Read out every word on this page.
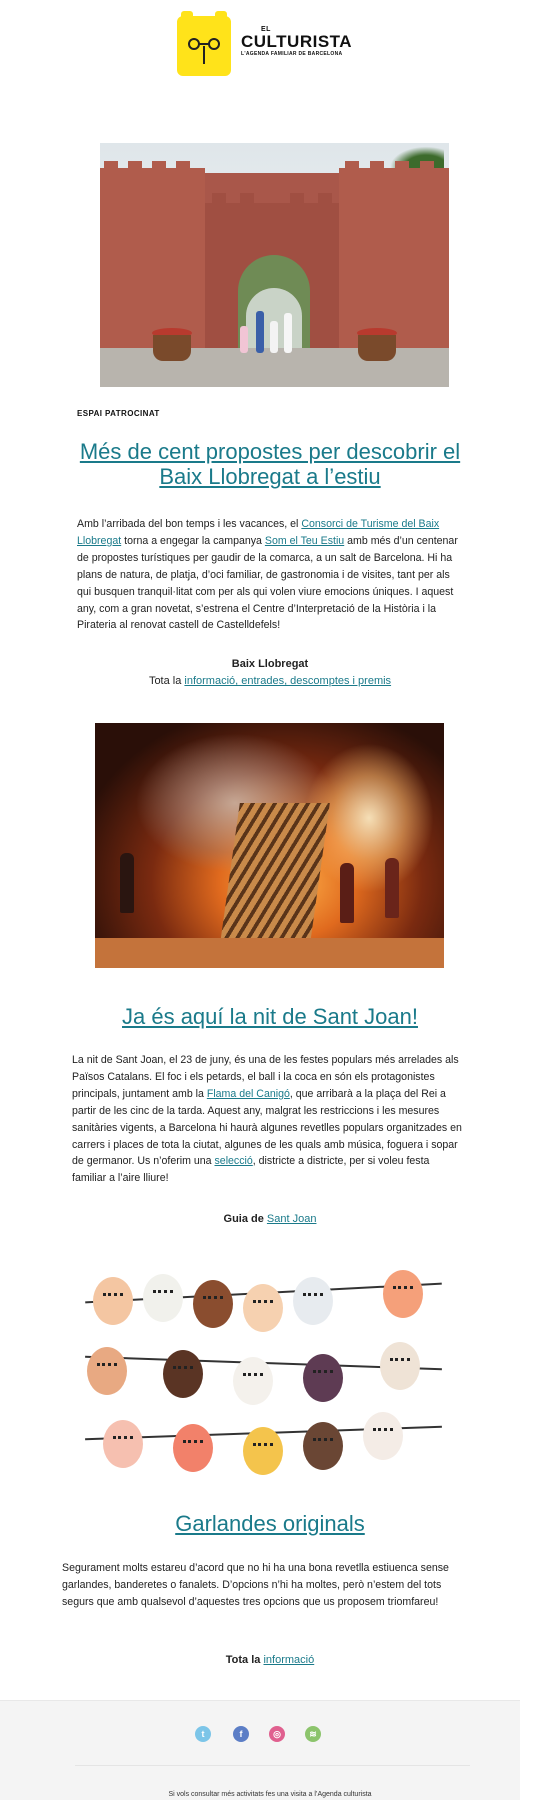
EL
CULTURISTA
L'AGENDA FAMILIAR DE BARCELONA
ESPAI PATROCINAT
Més de cent propostes per descobrir el Baix Llobregat a l’estiu
Amb l’arribada del bon temps i les vacances, el Consorci de Turisme del Baix Llobregat torna a engegar la campanya Som el Teu Estiu amb més d’un centenar de propostes turístiques per gaudir de la comarca, a un salt de Barcelona. Hi ha plans de natura, de platja, d’oci familiar, de gastronomia i de visites, tant per als qui busquen tranquil·litat com per als qui volen viure emocions úniques. I aquest any, com a gran novetat, s’estrena el Centre d’Interpretació de la Història i la Pirateria al renovat castell de Castelldefels!
Baix Llobregat
Tota la informació, entrades, descomptes i premis
Ja és aquí la nit de Sant Joan!
La nit de Sant Joan, el 23 de juny, és una de les festes populars més arrelades als Països Catalans. El foc i els petards, el ball i la coca en són els protagonistes principals, juntament amb la Flama del Canigó, que arribarà a la plaça del Rei a partir de les cinc de la tarda. Aquest any, malgrat les restriccions i les mesures sanitàries vigents, a Barcelona hi haurà algunes revetlles populars organitzades en carrers i places de tota la ciutat, algunes de les quals amb música, foguera i sopar de germanor. Us n’oferim una selecció, districte a districte, per si voleu festa familiar a l’aire lliure!
Guia de Sant Joan
Garlandes originals
Segurament molts estareu d’acord que no hi ha una bona revetlla estiuenca sense garlandes, banderetes o fanalets. D’opcions n’hi ha moltes, però n’estem del tots segurs que amb qualsevol d’aquestes tres opcions que us proposem triomfareu!
Tota la informació
t	f	◎	≋
Si vols consultar més activitats fes una visita a l’Agenda culturista
